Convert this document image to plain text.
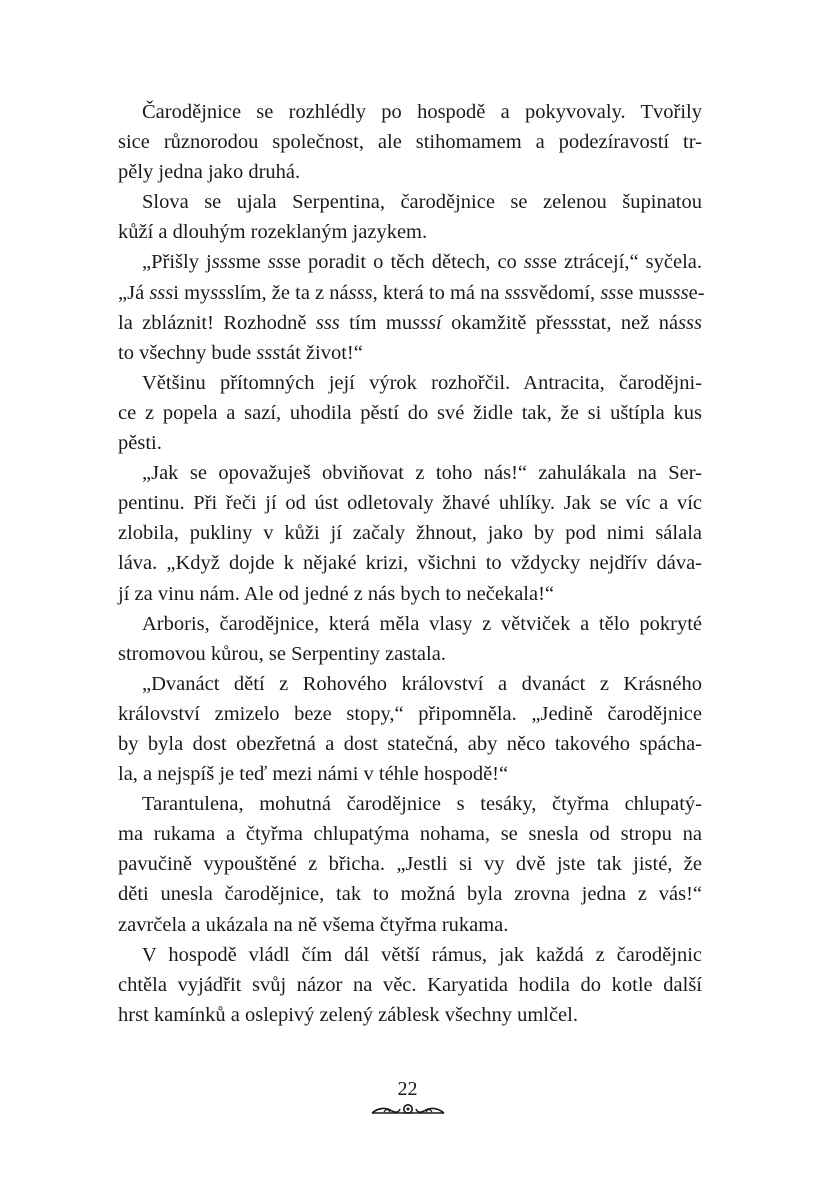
Čarodějnice se rozhlédly po hospodě a pokyvovaly. Tvořily
sice různorodou společnost, ale stihomamem a podezíravostí tr-
pěly jedna jako druhá.
Slova se ujala Serpentina, čarodějnice se zelenou šupinatou
kůží a dlouhým rozeklaným jazykem.
„Přišly jsssme ssse poradit o těch dětech, co ssse ztrácejí,“ syčela.
„Já sssi myssslím, že ta z násss, která to má na sssvědomí, ssse mussse-
la zbláznit! Rozhodně sss tím musssí okamžitě přessstat, než násss
to všechny bude ssstát život!“
Většinu přítomných její výrok rozhořčil. Antracita, čarodějni-
ce z popela a sazí, uhodila pěstí do své židle tak, že si uštípla kus
pěsti.
„Jak se opovažuješ obviňovat z toho nás!“ zahulákala na Ser-
pentinu. Při řeči jí od úst odletovaly žhavé uhlíky. Jak se víc a víc
zlobila, pukliny v kůži jí začaly žhnout, jako by pod nimi sálala
láva. „Když dojde k nějaké krizi, všichni to vždycky nejdřív dáva-
jí za vinu nám. Ale od jedné z nás bych to nečekala!“
Arboris, čarodějnice, která měla vlasy z větviček a tělo pokryté
stromovou kůrou, se Serpentiny zastala.
„Dvanáct dětí z Rohového království a dvanáct z Krásného
království zmizelo beze stopy,“ připomněla. „Jedině čarodějnice
by byla dost obezřetná a dost statečná, aby něco takového spácha-
la, a nejspíš je teď mezi námi v téhle hospodě!“
Tarantulena, mohutná čarodějnice s tesáky, čtyřma chlupatý-
ma rukama a čtyřma chlupatýma nohama, se snesla od stropu na
pavučině vypouštěné z břicha. „Jestli si vy dvě jste tak jisté, že
děti unesla čarodějnice, tak to možná byla zrovna jedna z vás!“
zavrčela a ukázala na ně všema čtyřma rukama.
V hospodě vládl čím dál větší rámus, jak každá z čarodějnic
chtěla vyjádřit svůj názor na věc. Karyatida hodila do kotle další
hrst kamínků a oslepivý zelený záblesk všechny umlčel.
22
